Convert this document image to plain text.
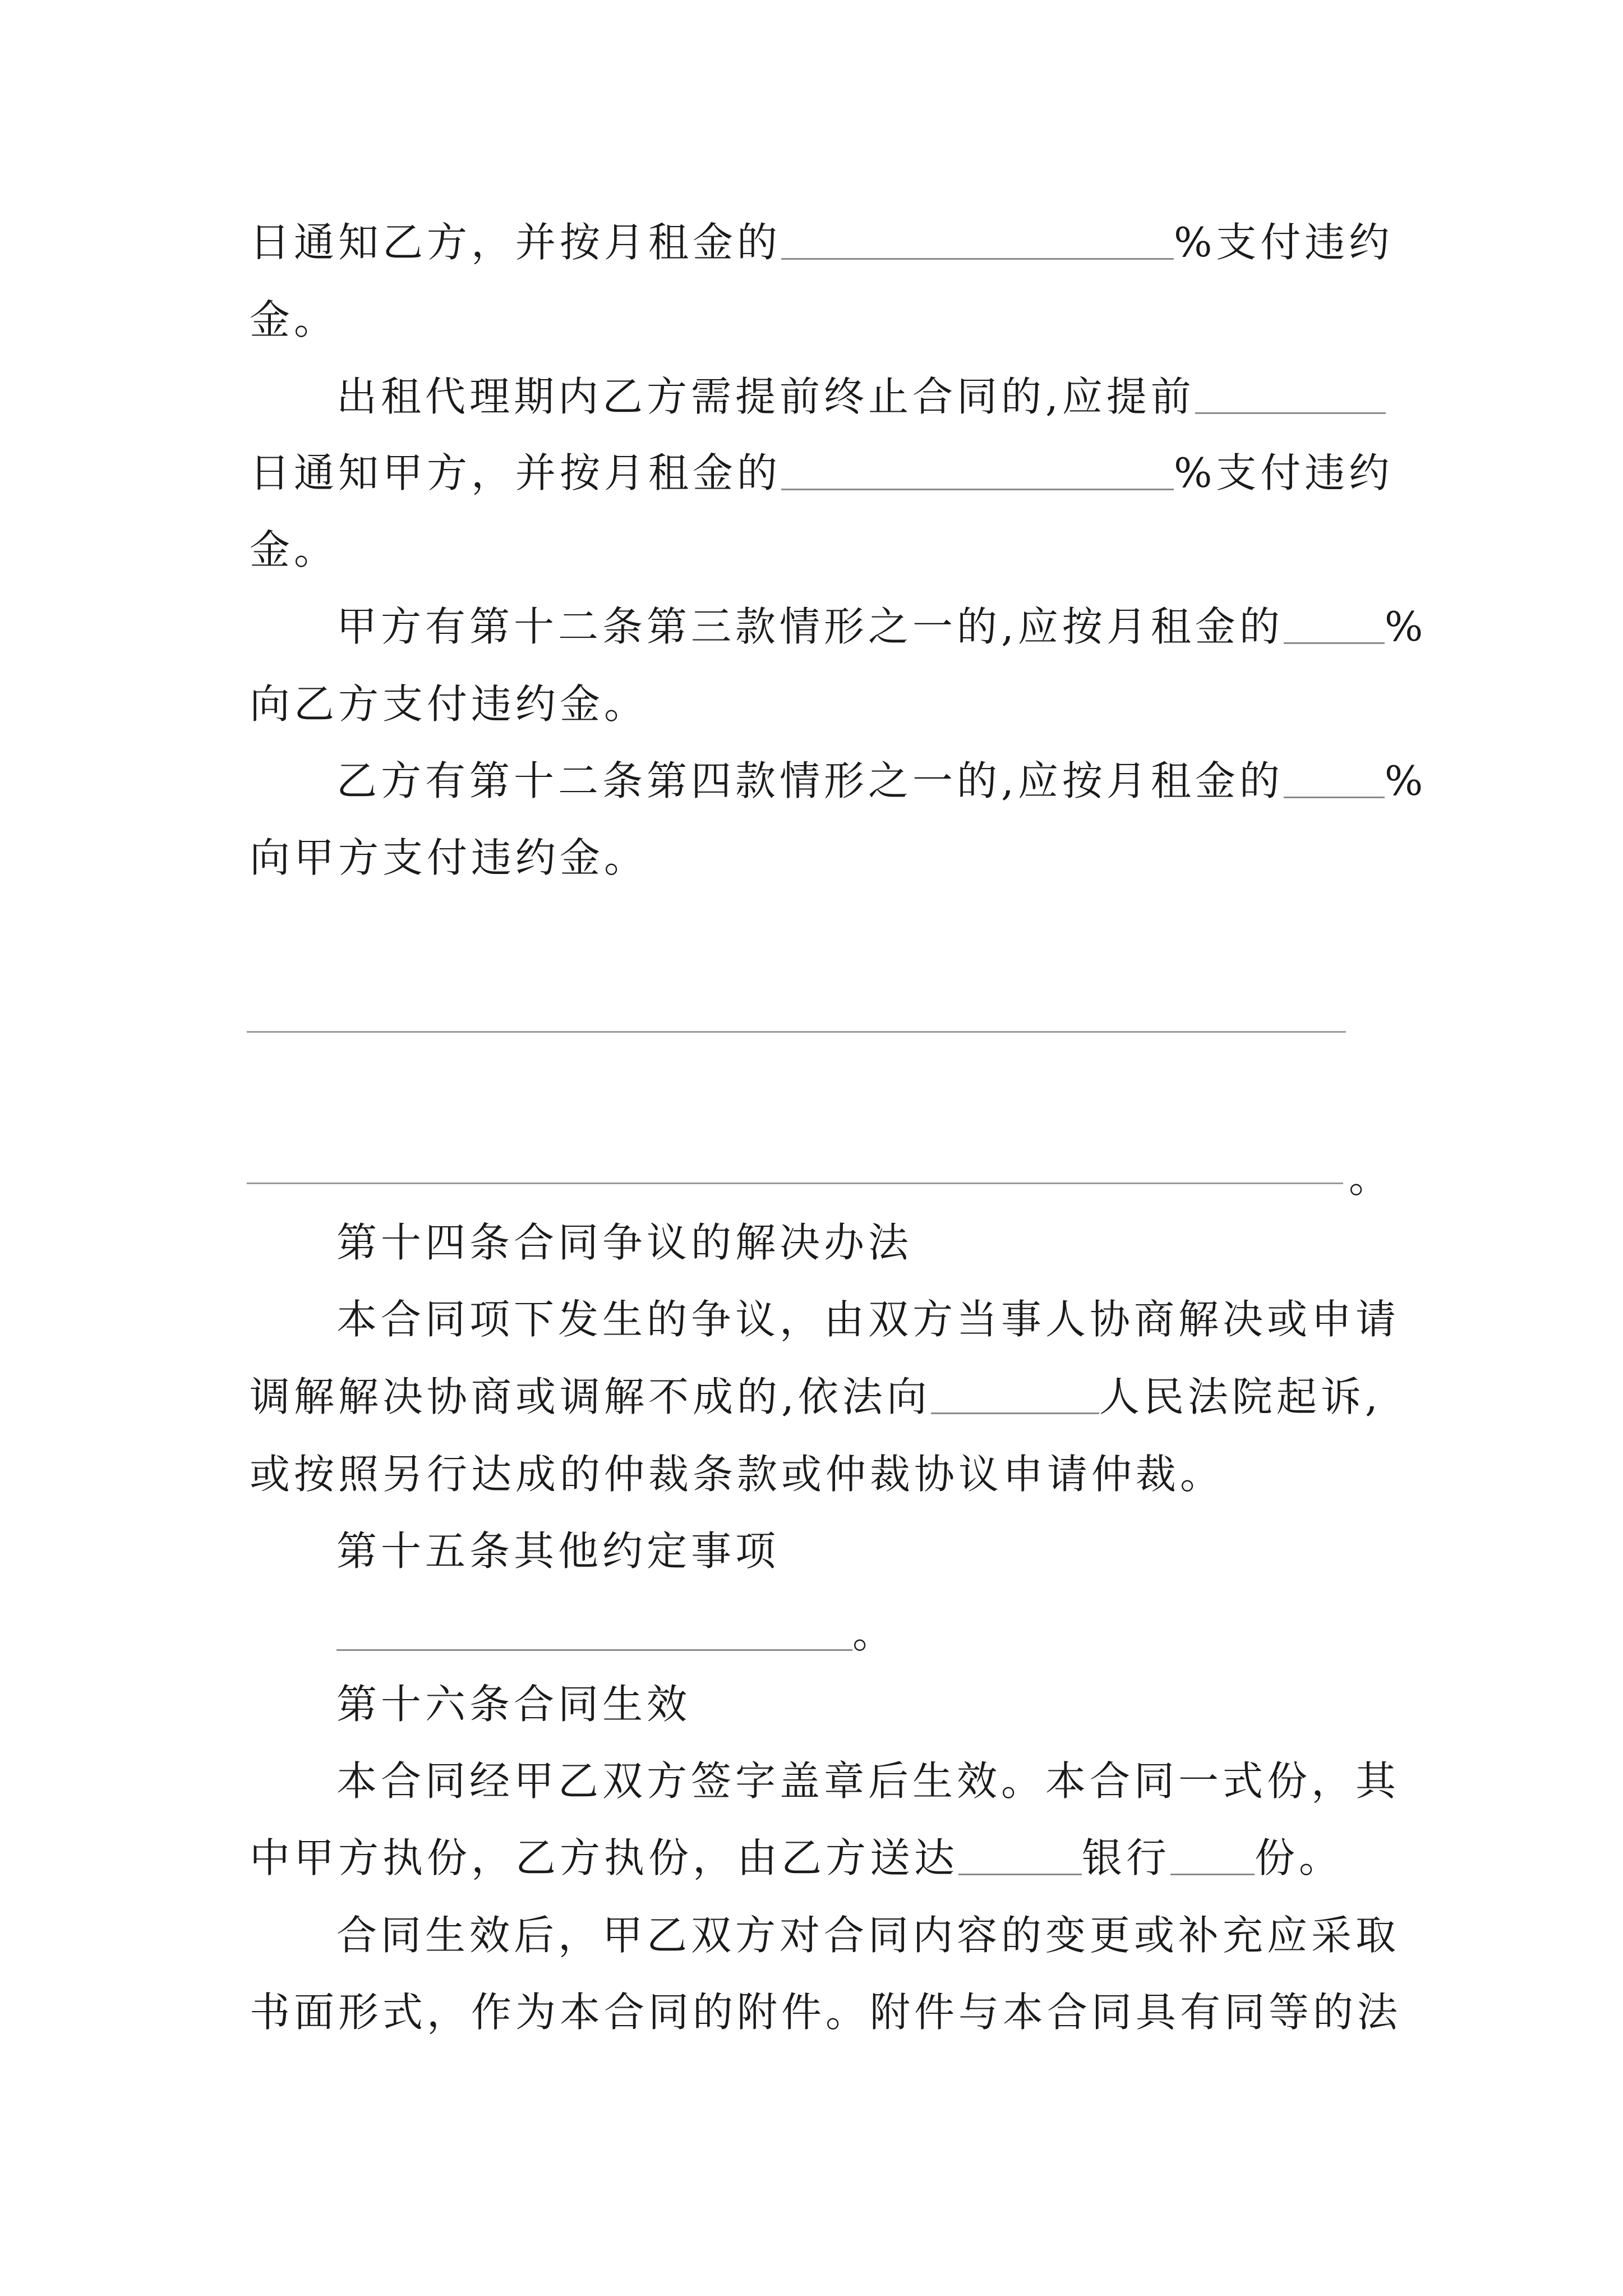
日通知乙方，并按月租金的	%支付违约
金。
出租代理期内乙方需提前终止合同的,应提前
日通知甲方，并按月租金的	%支付违约
金。
甲方有第十二条第三款情形之一的,应按月租金的	%
向乙方支付违约金。
乙方有第十二条第四款情形之一的,应按月租金的	%
向甲方支付违约金。
。
第十四条合同争议的解决办法
本合同项下发生的争议，由双方当事人协商解决或申请
调解解决协商或调解不成的,依法向	人民法院起诉,
或按照另行达成的仲裁条款或仲裁协议申请仲裁。
第十五条其他约定事项
。
第十六条合同生效
本合同经甲乙双方签字盖章后生效。本合同一式份，其
中甲方执份，乙方执份，由乙方送达	银行 份。
合同生效后，甲乙双方对合同内容的变更或补充应采取
书面形式，作为本合同的附件。附件与本合同具有同等的法
